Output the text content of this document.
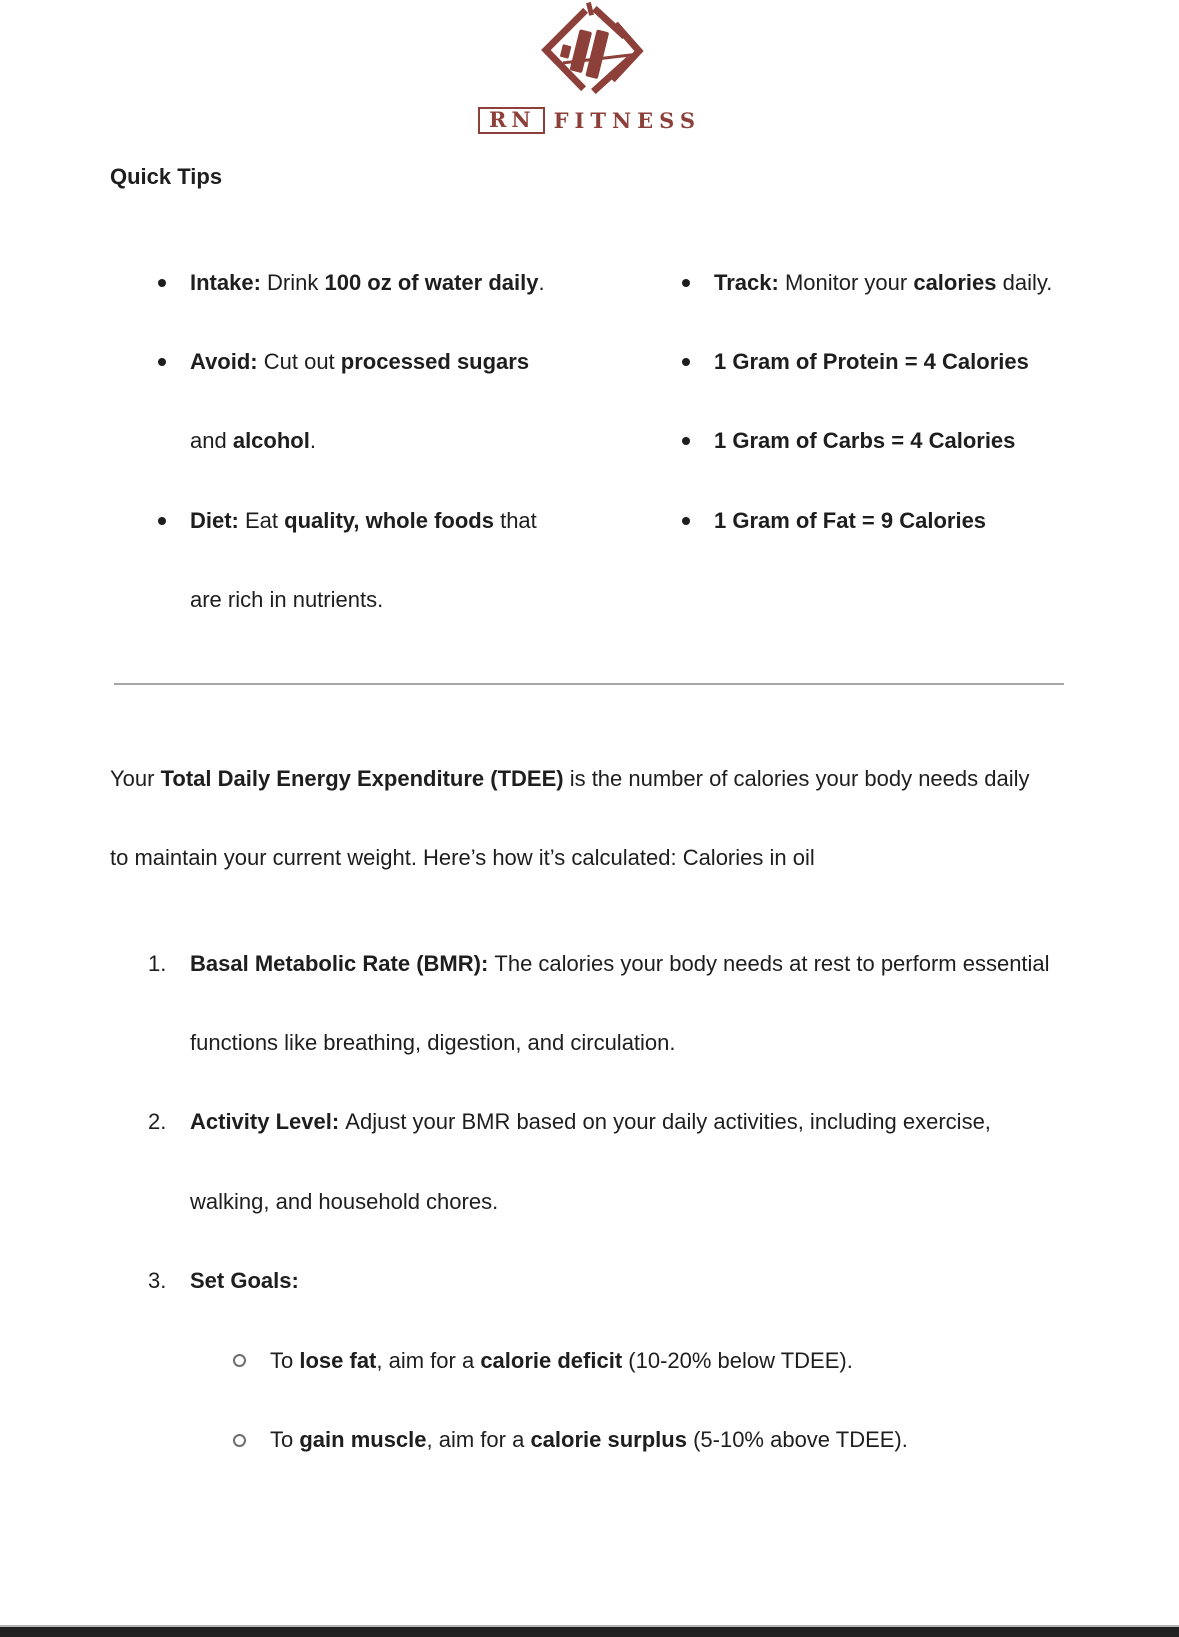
RN FITNESS
Quick Tips
Intake: Drink 100 oz of water daily.
Avoid: Cut out processed sugars
and alcohol.
Diet: Eat quality, whole foods that
are rich in nutrients.
Track: Monitor your calories daily.
1 Gram of Protein = 4 Calories
1 Gram of Carbs = 4 Calories
1 Gram of Fat = 9 Calories
Your Total Daily Energy Expenditure (TDEE) is the number of calories your body needs daily
to maintain your current weight. Here’s how it’s calculated: Calories in oil
1.	Basal Metabolic Rate (BMR): The calories your body needs at rest to perform essential
functions like breathing, digestion, and circulation.
2.	Activity Level: Adjust your BMR based on your daily activities, including exercise,
walking, and household chores.
3.	Set Goals:
To lose fat, aim for a calorie deficit (10-20% below TDEE).
To gain muscle, aim for a calorie surplus (5-10% above TDEE).
